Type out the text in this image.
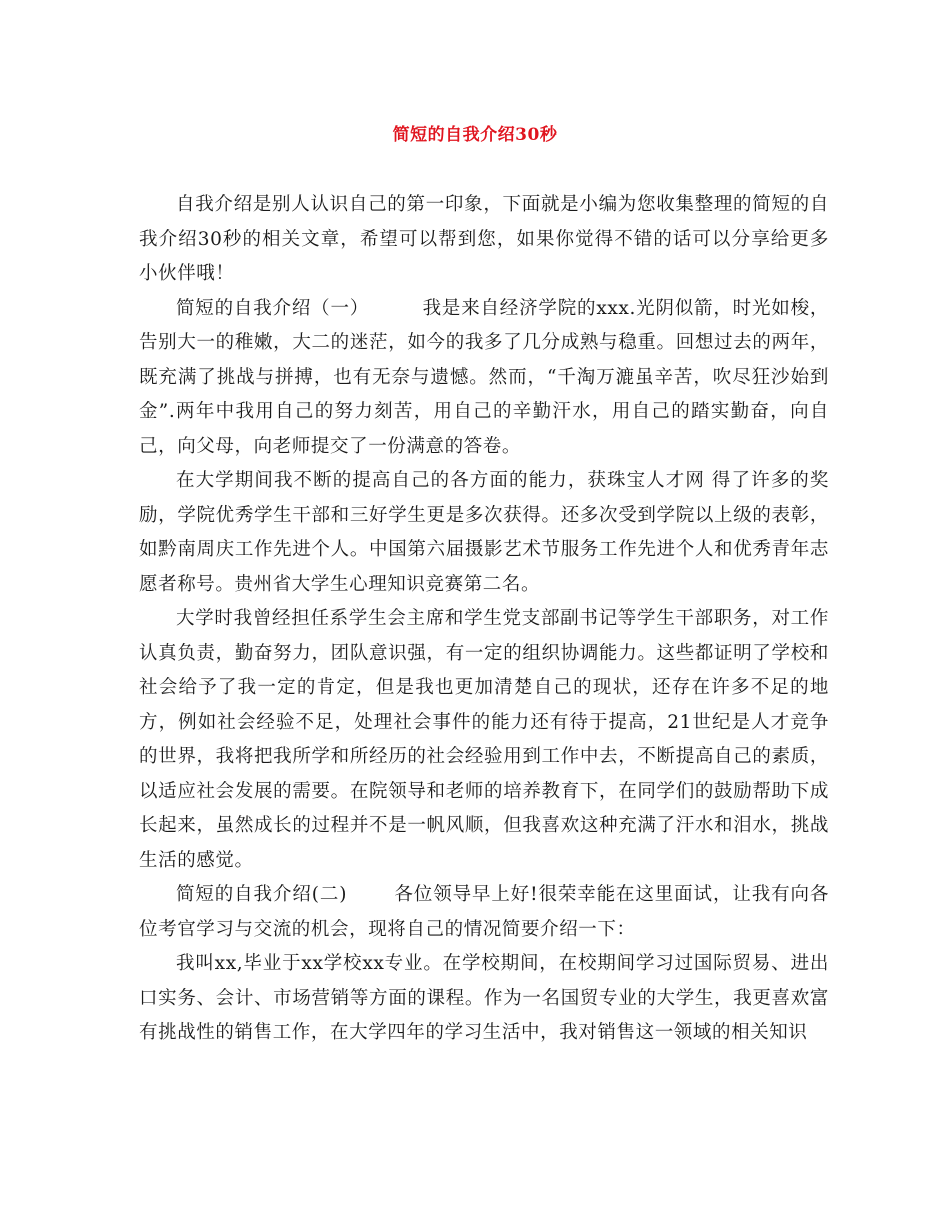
简短的自我介绍30秒

自我介绍是别人认识自己的第一印象，下面就是小编为您收集整理的简短的自我介绍30秒的相关文章，希望可以帮到您，如果你觉得不错的话可以分享给更多小伙伴哦！

简短的自我介绍（一）        我是来自经济学院的xxx.光阴似箭，时光如梭，告别大一的稚嫩，大二的迷茫，如今的我多了几分成熟与稳重。回想过去的两年，既充满了挑战与拼搏，也有无奈与遗憾。然而，“千淘万漉虽辛苦，吹尽狂沙始到金”.两年中我用自己的努力刻苦，用自己的辛勤汗水，用自己的踏实勤奋，向自己，向父母，向老师提交了一份满意的答卷。

在大学期间我不断的提高自己的各方面的能力，获珠宝人才网 得了许多的奖励，学院优秀学生干部和三好学生更是多次获得。还多次受到学院以上级的表彰，如黔南周庆工作先进个人。中国第六届摄影艺术节服务工作先进个人和优秀青年志愿者称号。贵州省大学生心理知识竞赛第二名。

大学时我曾经担任系学生会主席和学生党支部副书记等学生干部职务，对工作认真负责，勤奋努力，团队意识强，有一定的组织协调能力。这些都证明了学校和社会给予了我一定的肯定，但是我也更加清楚自己的现状，还存在许多不足的地方，例如社会经验不足，处理社会事件的能力还有待于提高，21世纪是人才竞争的世界，我将把我所学和所经历的社会经验用到工作中去，不断提高自己的素质，以适应社会发展的需要。在院领导和老师的培养教育下，在同学们的鼓励帮助下成长起来，虽然成长的过程并不是一帆风顺，但我喜欢这种充满了汗水和泪水，挑战生活的感觉。

简短的自我介绍(二)       各位领导早上好!很荣幸能在这里面试，让我有向各位考官学习与交流的机会，现将自己的情况简要介绍一下：

我叫xx,毕业于xx学校xx专业。在学校期间，在校期间学习过国际贸易、进出口实务、会计、市场营销等方面的课程。作为一名国贸专业的大学生，我更喜欢富有挑战性的销售工作，在大学四年的学习生活中，我对销售这一领域的相关知识
